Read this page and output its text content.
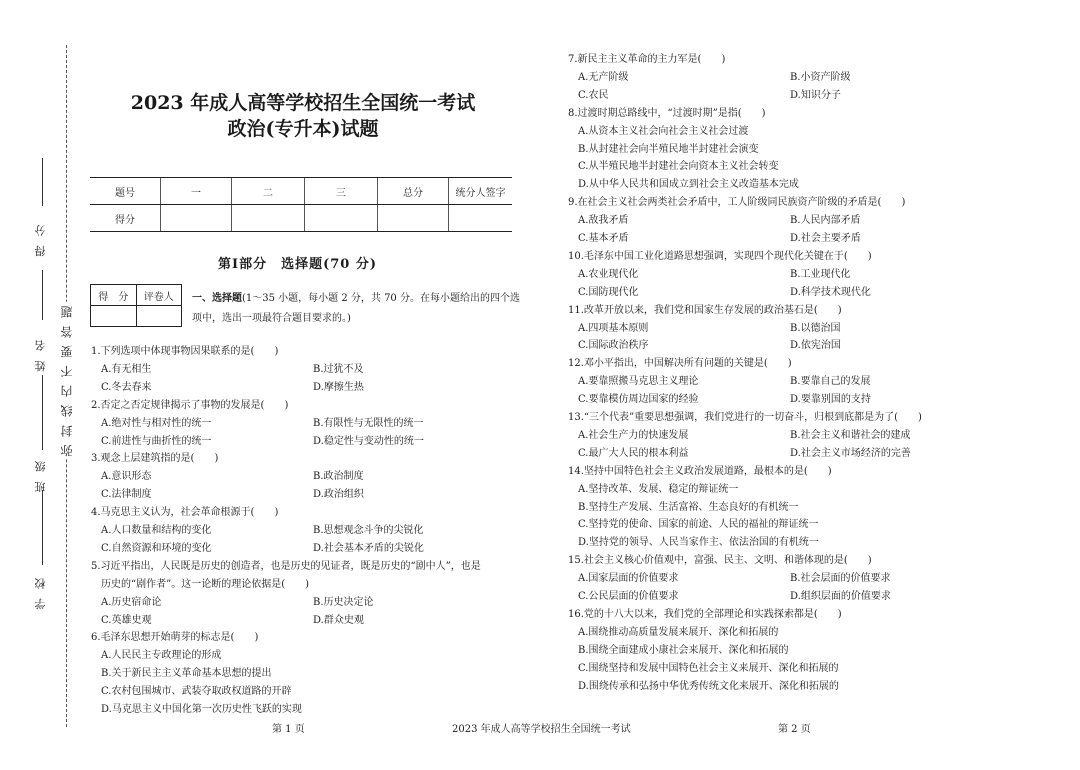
得 分
姓 名
班 级
学 校
弥 封 线 内 不 要 答 题
2023 年成人高等学校招生全国统一考试
政治(专升本)试题
题号	一	二	三	总分	统分人签字
得分					
第Ⅰ部分　选择题(70 分)
得　分	评卷人
	一、选择题(1～35 小题，每小题 2 分，共 70 分。在每小题给出的四个选项中，选出一项最符合题目要求的。)
1.下列选项中体现事物因果联系的是(　　)
A.有无相生	B.过犹不及
C.冬去春来	D.摩擦生热
2.否定之否定规律揭示了事物的发展是(　　)
A.绝对性与相对性的统一	B.有限性与无限性的统一
C.前进性与曲折性的统一	D.稳定性与变动性的统一
3.观念上层建筑指的是(　　)
A.意识形态	B.政治制度
C.法律制度	D.政治组织
4.马克思主义认为，社会革命根源于(　　)
A.人口数量和结构的变化	B.思想观念斗争的尖锐化
C.自然资源和环境的变化	D.社会基本矛盾的尖锐化
5.习近平指出，人民既是历史的创造者，也是历史的见证者，既是历史的“剧中人”，也是
历史的“剧作者”。这一论断的理论依据是(　　)
A.历史宿命论	B.历史决定论
C.英雄史观	D.群众史观
6.毛泽东思想开始萌芽的标志是(　　)
A.人民民主专政理论的形成
B.关于新民主主义革命基本思想的提出
C.农村包围城市、武装夺取政权道路的开辟
D.马克思主义中国化第一次历史性飞跃的实现
7.新民主主义革命的主力军是(　　)
A.无产阶级	B.小资产阶级
C.农民	D.知识分子
8.过渡时期总路线中，“过渡时期”是指(　　)
A.从资本主义社会向社会主义社会过渡
B.从封建社会向半殖民地半封建社会演变
C.从半殖民地半封建社会向资本主义社会转变
D.从中华人民共和国成立到社会主义改造基本完成
9.在社会主义社会两类社会矛盾中，工人阶级同民族资产阶级的矛盾是(　　)
A.敌我矛盾	B.人民内部矛盾
C.基本矛盾	D.社会主要矛盾
10.毛泽东中国工业化道路思想强调，实现四个现代化关键在于(　　)
A.农业现代化	B.工业现代化
C.国防现代化	D.科学技术现代化
11.改革开放以来，我们党和国家生存发展的政治基石是(　　)
A.四项基本原则	B.以德治国
C.国际政治秩序	D.依宪治国
12.邓小平指出，中国解决所有问题的关键是(　　)
A.要靠照搬马克思主义理论	B.要靠自己的发展
C.要靠模仿周边国家的经验	D.要靠别国的支持
13.“三个代表”重要思想强调，我们党进行的一切奋斗，归根到底都是为了(　　)
A.社会生产力的快速发展	B.社会主义和谐社会的建成
C.最广大人民的根本利益	D.社会主义市场经济的完善
14.坚持中国特色社会主义政治发展道路，最根本的是(　　)
A.坚持改革、发展、稳定的辩证统一
B.坚持生产发展、生活富裕、生态良好的有机统一
C.坚持党的使命、国家的前途、人民的福祉的辩证统一
D.坚持党的领导、人民当家作主、依法治国的有机统一
15.社会主义核心价值观中，富强、民主、文明、和谐体现的是(　　)
A.国家层面的价值要求	B.社会层面的价值要求
C.公民层面的价值要求	D.组织层面的价值要求
16.党的十八大以来，我们党的全部理论和实践探索都是(　　)
A.围绕推动高质量发展来展开、深化和拓展的
B.围绕全面建成小康社会来展开、深化和拓展的
C.围绕坚持和发展中国特色社会主义来展开、深化和拓展的
D.围绕传承和弘扬中华优秀传统文化来展开、深化和拓展的
第 1 页	2023 年成人高等学校招生全国统一考试	第 2 页
